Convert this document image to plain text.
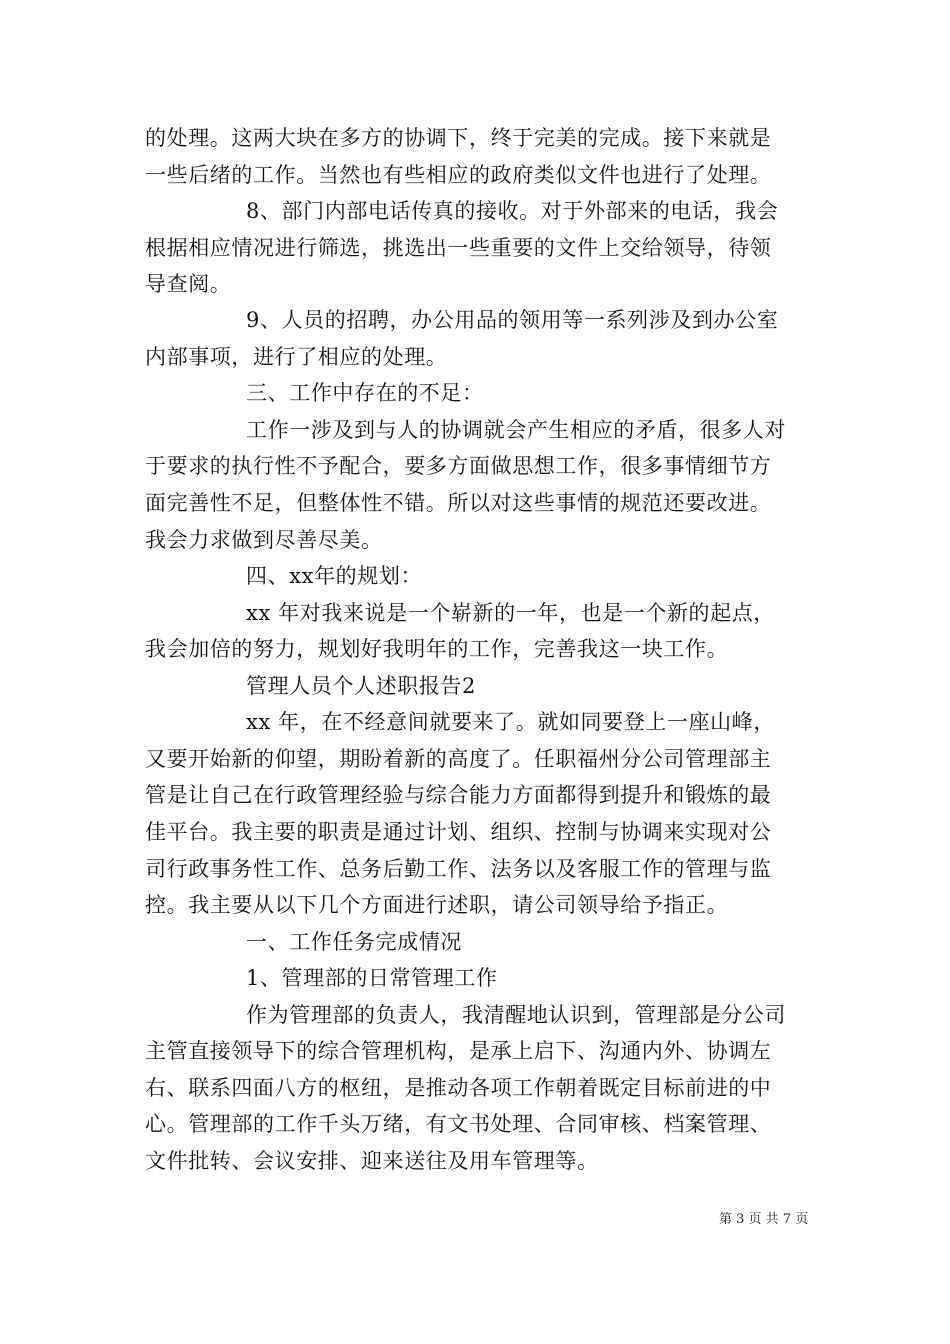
的处理。这两大块在多方的协调下，终于完美的完成。接下来就是
一些后绪的工作。当然也有些相应的政府类似文件也进行了处理。
8、部门内部电话传真的接收。对于外部来的电话，我会
根据相应情况进行筛选，挑选出一些重要的文件上交给领导，待领
导查阅。
9、人员的招聘，办公用品的领用等一系列涉及到办公室
内部事项，进行了相应的处理。
三、工作中存在的不足：
工作一涉及到与人的协调就会产生相应的矛盾，很多人对
于要求的执行性不予配合，要多方面做思想工作，很多事情细节方
面完善性不足，但整体性不错。所以对这些事情的规范还要改进。
我会力求做到尽善尽美。
四、xx年的规划：
xx 年对我来说是一个崭新的一年，也是一个新的起点，
我会加倍的努力，规划好我明年的工作，完善我这一块工作。
管理人员个人述职报告2
xx 年，在不经意间就要来了。就如同要登上一座山峰，
又要开始新的仰望，期盼着新的高度了。任职福州分公司管理部主
管是让自己在行政管理经验与综合能力方面都得到提升和锻炼的最
佳平台。我主要的职责是通过计划、组织、控制与协调来实现对公
司行政事务性工作、总务后勤工作、法务以及客服工作的管理与监
控。我主要从以下几个方面进行述职，请公司领导给予指正。
一、工作任务完成情况
1、管理部的日常管理工作
作为管理部的负责人，我清醒地认识到，管理部是分公司
主管直接领导下的综合管理机构，是承上启下、沟通内外、协调左
右、联系四面八方的枢纽，是推动各项工作朝着既定目标前进的中
心。管理部的工作千头万绪，有文书处理、合同审核、档案管理、
文件批转、会议安排、迎来送往及用车管理等。
第 3 页 共 7 页
